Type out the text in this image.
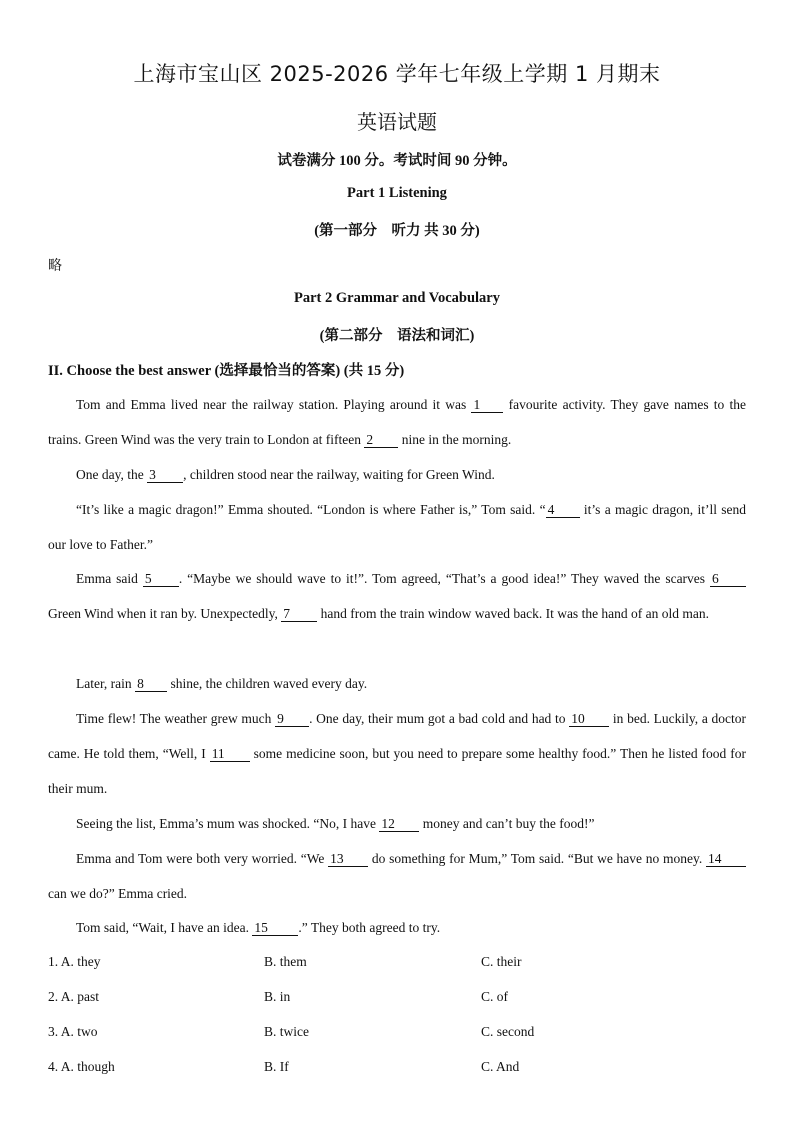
上海市宝山区 2025-2026 学年七年级上学期 1 月期末
英语试题
试卷满分 100 分。考试时间 90 分钟。
Part 1 Listening
(第一部分　听力 共 30 分)
略
Part 2 Grammar and Vocabulary
(第二部分　语法和词汇)
II. Choose the best answer (选择最恰当的答案) (共 15 分)
Tom and Emma lived near the railway station. Playing around it was 1 favourite activity. They gave names to the trains. Green Wind was the very train to London at fifteen 2 nine in the morning.
One day, the 3 , children stood near the railway, waiting for Green Wind.
“It’s like a magic dragon!” Emma shouted. “London is where Father is,” Tom said. “ 4 it’s a magic dragon, it’ll send our love to Father.”
Emma said 5 . “Maybe we should wave to it!”. Tom agreed, “That’s a good idea!” They waved the scarves 6 Green Wind when it ran by. Unexpectedly, 7 hand from the train window waved back. It was the hand of an old man.
Later, rain 8 shine, the children waved every day.
Time flew! The weather grew much 9 . One day, their mum got a bad cold and had to 10 in bed. Luckily, a doctor came. He told them, “Well, I 11 some medicine soon, but you need to prepare some healthy food.” Then he listed food for their mum.
Seeing the list, Emma’s mum was shocked. “No, I have 12 money and can’t buy the food!”
Emma and Tom were both very worried. “We 13 do something for Mum,” Tom said. “But we have no money. 14 can we do?” Emma cried.
Tom said, “Wait, I have an idea. 15 .” They both agreed to try.
1. A. they	B. them	C. their
2. A. past	B. in	C. of
3. A. two	B. twice	C. second
4. A. though	B. If	C. And
